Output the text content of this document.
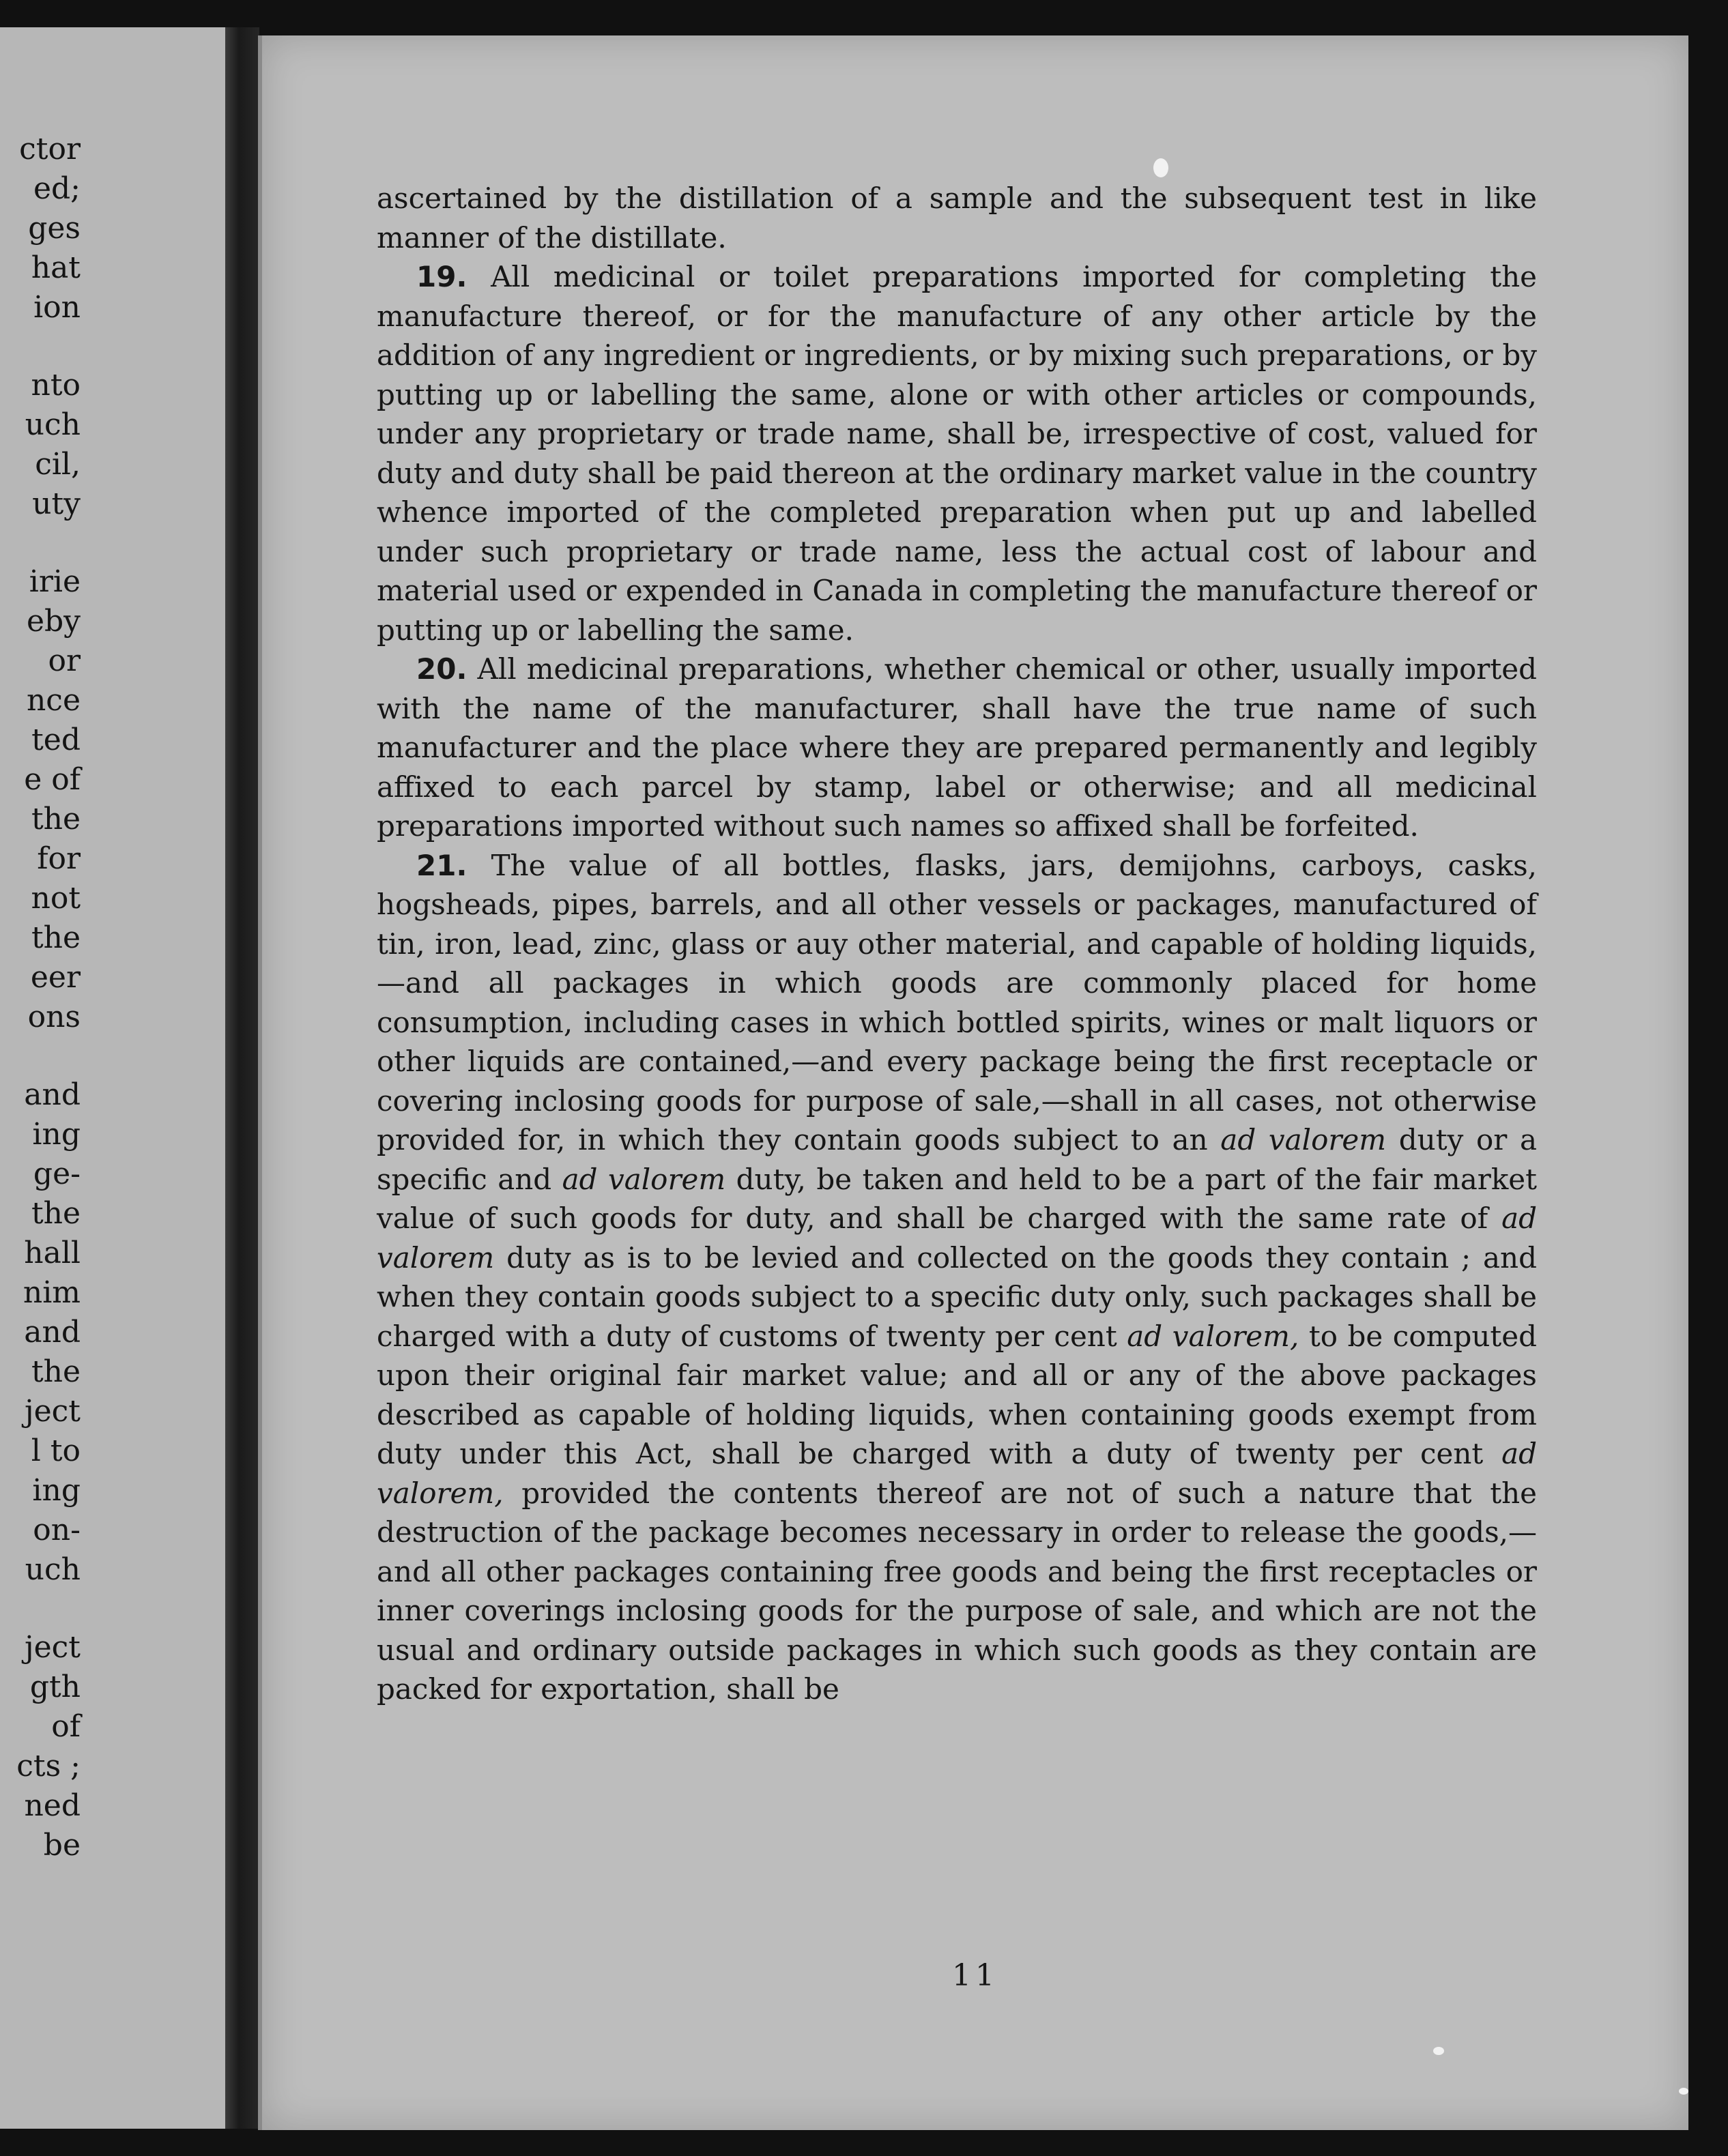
ctor
ed;
ges
hat
ion
nto
uch
cil,
uty
irie
eby
or
nce
ted
e of
the
for
not
the
eer
ons
and
ing
ge-
the
hall
nim
and
the
ject
l to
ing
on-
uch
ject
gth
of
cts ;
ned
be

ascertained by the distillation of a sample and the subsequent test in like manner of the distillate.

19. All medicinal or toilet preparations imported for completing the manufacture thereof, or for the manufacture of any other article by the addition of any ingredient or ingredients, or by mixing such preparations, or by putting up or labelling the same, alone or with other articles or compounds, under any proprietary or trade name, shall be, irrespective of cost, valued for duty and duty shall be paid thereon at the ordinary market value in the country whence imported of the completed preparation when put up and labelled under such proprietary or trade name, less the actual cost of labour and material used or expended in Canada in completing the manufacture thereof or putting up or labelling the same.

20. All medicinal preparations, whether chemical or other, usually imported with the name of the manufacturer, shall have the true name of such manufacturer and the place where they are prepared permanently and legibly affixed to each parcel by stamp, label or otherwise; and all medicinal preparations imported without such names so affixed shall be forfeited.

21. The value of all bottles, flasks, jars, demijohns, carboys, casks, hogsheads, pipes, barrels, and all other vessels or packages, manufactured of tin, iron, lead, zinc, glass or auy other material, and capable of holding liquids,—and all packages in which goods are commonly placed for home consumption, including cases in which bottled spirits, wines or malt liquors or other liquids are contained,—and every package being the first receptacle or covering inclosing goods for purpose of sale,—shall in all cases, not otherwise provided for, in which they contain goods subject to an ad valorem duty or a specific and ad valorem duty, be taken and held to be a part of the fair market value of such goods for duty, and shall be charged with the same rate of ad valorem duty as is to be levied and collected on the goods they contain ; and when they contain goods subject to a specific duty only, such packages shall be charged with a duty of customs of twenty per cent ad valorem, to be computed upon their original fair market value; and all or any of the above packages described as capable of holding liquids, when containing goods exempt from duty under this Act, shall be charged with a duty of twenty per cent ad valorem, provided the contents thereof are not of such a nature that the destruction of the package becomes necessary in order to release the goods,—and all other packages containing free goods and being the first receptacles or inner coverings inclosing goods for the purpose of sale, and which are not the usual and ordinary outside packages in which such goods as they contain are packed for exportation, shall be

11
